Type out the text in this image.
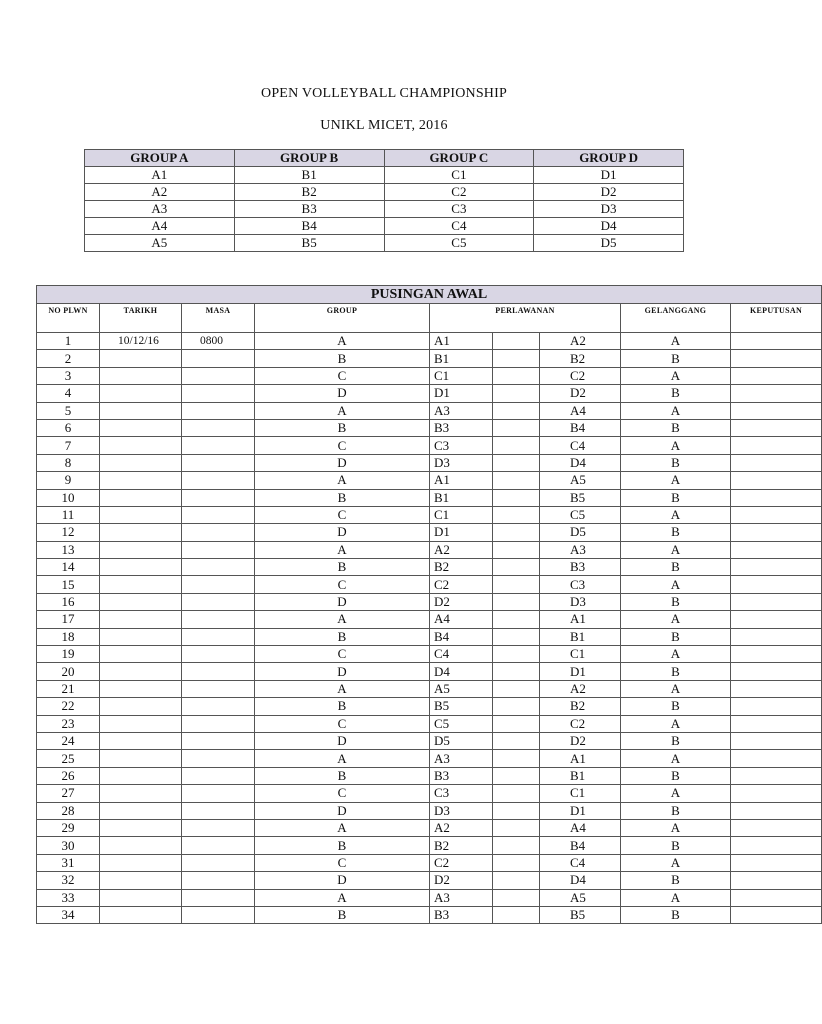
OPEN VOLLEYBALL CHAMPIONSHIP
UNIKL MICET, 2016
GROUP A	GROUP B	GROUP C	GROUP D
A1	B1	C1	D1
A2	B2	C2	D2
A3	B3	C3	D3
A4	B4	C4	D4
A5	B5	C5	D5
PUSINGAN AWAL								
NO PLWN	TARIKH	MASA	GROUP	PERLAWANAN			GELANGGANG	KEPUTUSAN
1	10/12/16	0800	A	A1		A2	A	
2			B	B1		B2	B	
3			C	C1		C2	A	
4			D	D1		D2	B	
5			A	A3		A4	A	
6			B	B3		B4	B	
7			C	C3		C4	A	
8			D	D3		D4	B	
9			A	A1		A5	A	
10			B	B1		B5	B	
11			C	C1		C5	A	
12			D	D1		D5	B	
13			A	A2		A3	A	
14			B	B2		B3	B	
15			C	C2		C3	A	
16			D	D2		D3	B	
17			A	A4		A1	A	
18			B	B4		B1	B	
19			C	C4		C1	A	
20			D	D4		D1	B	
21			A	A5		A2	A	
22			B	B5		B2	B	
23			C	C5		C2	A	
24			D	D5		D2	B	
25			A	A3		A1	A	
26			B	B3		B1	B	
27			C	C3		C1	A	
28			D	D3		D1	B	
29			A	A2		A4	A	
30			B	B2		B4	B	
31			C	C2		C4	A	
32			D	D2		D4	B	
33			A	A3		A5	A	
34			B	B3		B5	B	
